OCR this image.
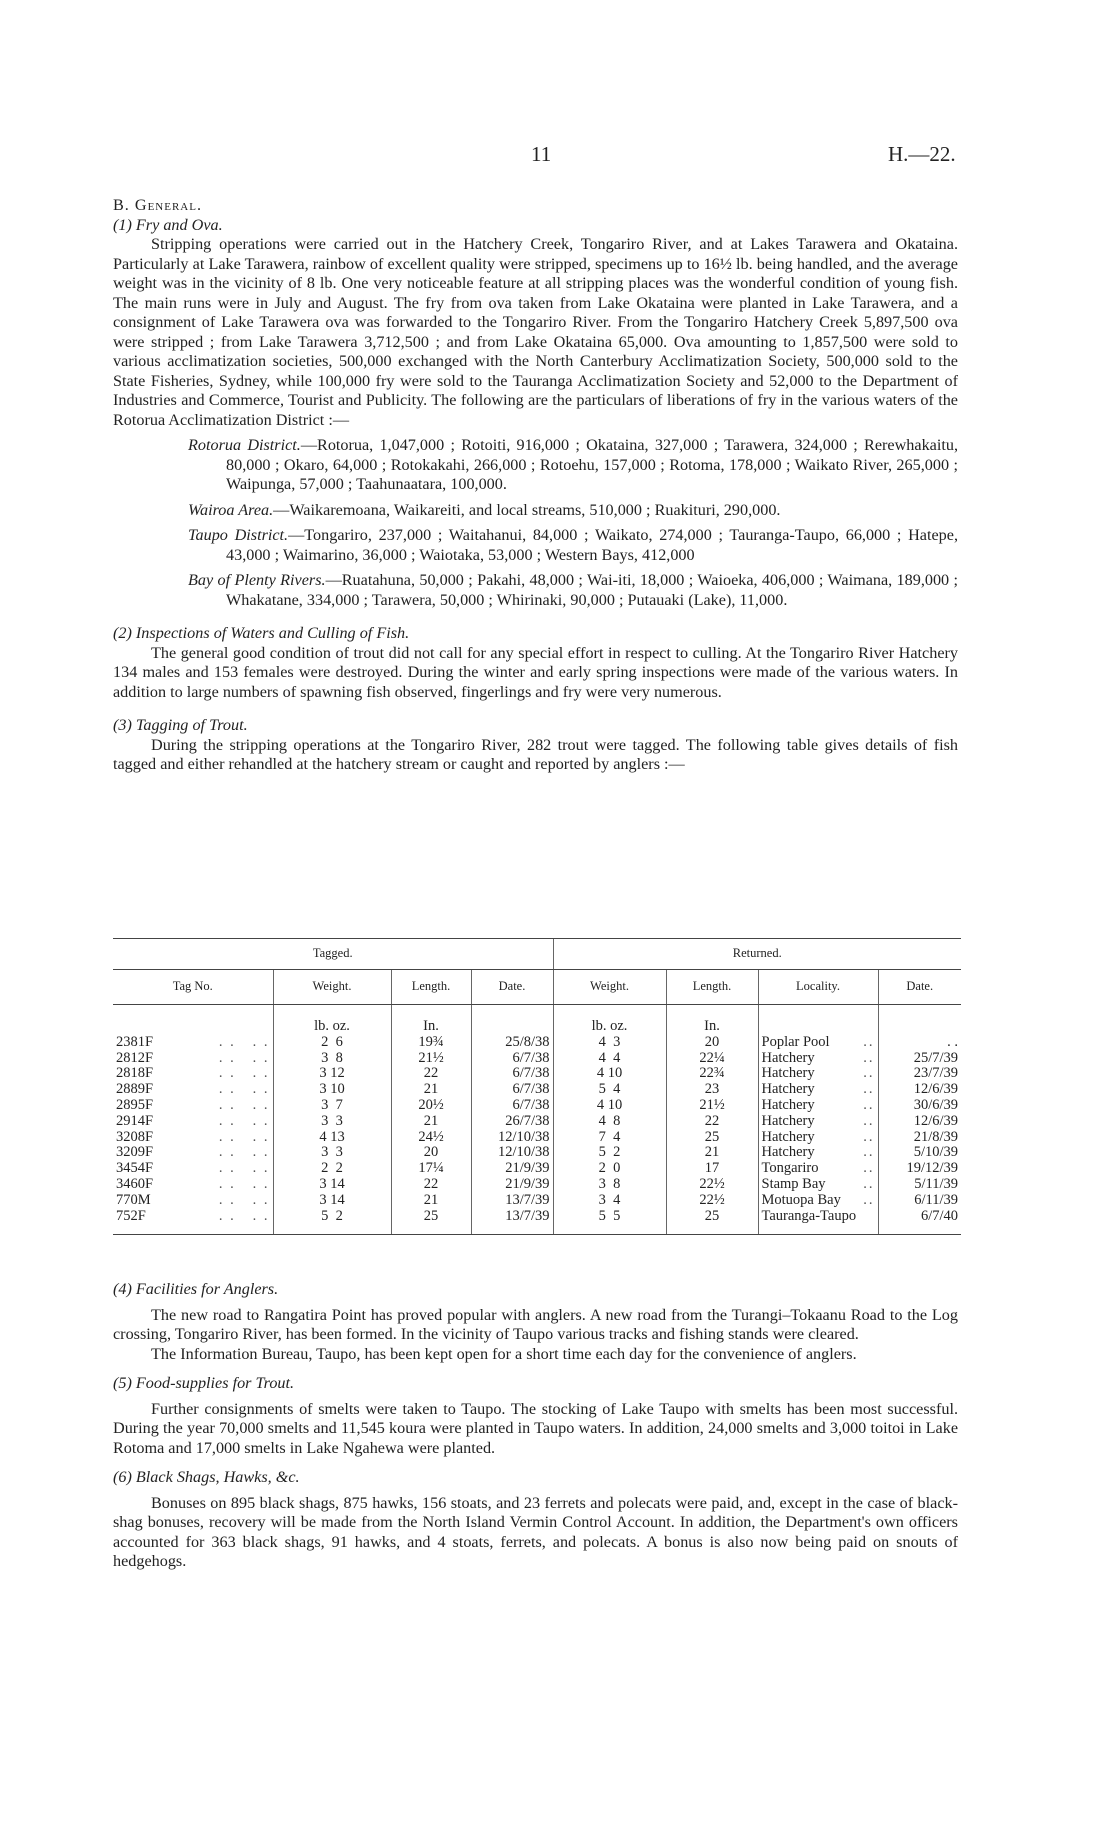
11	H.—22.

B. General.

(1) Fry and Ova.

Stripping operations were carried out in the Hatchery Creek, Tongariro River, and at Lakes Tarawera and Okataina. Particularly at Lake Tarawera, rainbow of excellent quality were stripped, specimens up to 16½ lb. being handled, and the average weight was in the vicinity of 8 lb. One very noticeable feature at all stripping places was the wonderful condition of young fish. The main runs were in July and August. The fry from ova taken from Lake Okataina were planted in Lake Tarawera, and a consignment of Lake Tarawera ova was forwarded to the Tongariro River. From the Tongariro Hatchery Creek 5,897,500 ova were stripped ; from Lake Tarawera 3,712,500 ; and from Lake Okataina 65,000. Ova amounting to 1,857,500 were sold to various acclimatization societies, 500,000 exchanged with the North Canterbury Acclimatization Society, 500,000 sold to the State Fisheries, Sydney, while 100,000 fry were sold to the Tauranga Acclimatization Society and 52,000 to the Department of Industries and Commerce, Tourist and Publicity. The following are the particulars of liberations of fry in the various waters of the Rotorua Acclimatization District :—

Rotorua District.—Rotorua, 1,047,000 ; Rotoiti, 916,000 ; Okataina, 327,000 ; Tarawera, 324,000 ; Rerewhakaitu, 80,000 ; Okaro, 64,000 ; Rotokakahi, 266,000 ; Rotoehu, 157,000 ; Rotoma, 178,000 ; Waikato River, 265,000 ; Waipunga, 57,000 ; Taahunaatara, 100,000.

Wairoa Area.—Waikaremoana, Waikareiti, and local streams, 510,000 ; Ruakituri, 290,000.

Taupo District.—Tongariro, 237,000 ; Waitahanui, 84,000 ; Waikato, 274,000 ; Tauranga-Taupo, 66,000 ; Hatepe, 43,000 ; Waimarino, 36,000 ; Waiotaka, 53,000 ; Western Bays, 412,000

Bay of Plenty Rivers.—Ruatahuna, 50,000 ; Pakahi, 48,000 ; Wai-iti, 18,000 ; Waioeka, 406,000 ; Waimana, 189,000 ; Whakatane, 334,000 ; Tarawera, 50,000 ; Whirinaki, 90,000 ; Putauaki (Lake), 11,000.

(2) Inspections of Waters and Culling of Fish.

The general good condition of trout did not call for any special effort in respect to culling. At the Tongariro River Hatchery 134 males and 153 females were destroyed. During the winter and early spring inspections were made of the various waters. In addition to large numbers of spawning fish observed, fingerlings and fry were very numerous.

(3) Tagging of Trout.

During the stripping operations at the Tongariro River, 282 trout were tagged. The following table gives details of fish tagged and either rehandled at the hatchery stream or caught and reported by anglers :—

Tagged.				Returned.			
Tag No.	Weight.	Length.	Date.	Weight.	Length.	Locality.	Date.
	lb. oz.	In.		lb. oz.	In.		
2381F . .   . .	2  6	19¾	25/8/38	4  3	20	Poplar Pool ..	. .
2812F . .   . .	3  8	21½	6/7/38	4  4	22¼	Hatchery ..	25/7/39
2818F . .   . .	3 12	22	6/7/38	4 10	22¾	Hatchery ..	23/7/39
2889F . .   . .	3 10	21	6/7/38	5  4	23	Hatchery ..	12/6/39
2895F . .   . .	3  7	20½	6/7/38	4 10	21½	Hatchery ..	30/6/39
2914F . .   . .	3  3	21	26/7/38	4  8	22	Hatchery ..	12/6/39
3208F . .   . .	4 13	24½	12/10/38	7  4	25	Hatchery ..	21/8/39
3209F . .   . .	3  3	20	12/10/38	5  2	21	Hatchery ..	5/10/39
3454F . .   . .	2  2	17¼	21/9/39	2  0	17	Tongariro ..	19/12/39
3460F . .   . .	3 14	22	21/9/39	3  8	22½	Stamp Bay ..	5/11/39
770M . .   . .	3 14	21	13/7/39	3  4	22½	Motuopa Bay ..	6/11/39
752F . .   . .	5  2	25	13/7/39	5  5	25	Tauranga-Taupo	6/7/40

(4) Facilities for Anglers.

The new road to Rangatira Point has proved popular with anglers. A new road from the Turangi–Tokaanu Road to the Log crossing, Tongariro River, has been formed. In the vicinity of Taupo various tracks and fishing stands were cleared.

The Information Bureau, Taupo, has been kept open for a short time each day for the convenience of anglers.

(5) Food-supplies for Trout.

Further consignments of smelts were taken to Taupo. The stocking of Lake Taupo with smelts has been most successful. During the year 70,000 smelts and 11,545 koura were planted in Taupo waters. In addition, 24,000 smelts and 3,000 toitoi in Lake Rotoma and 17,000 smelts in Lake Ngahewa were planted.

(6) Black Shags, Hawks, &c.

Bonuses on 895 black shags, 875 hawks, 156 stoats, and 23 ferrets and polecats were paid, and, except in the case of black-shag bonuses, recovery will be made from the North Island Vermin Control Account. In addition, the Department's own officers accounted for 363 black shags, 91 hawks, and 4 stoats, ferrets, and polecats. A bonus is also now being paid on snouts of hedgehogs.
